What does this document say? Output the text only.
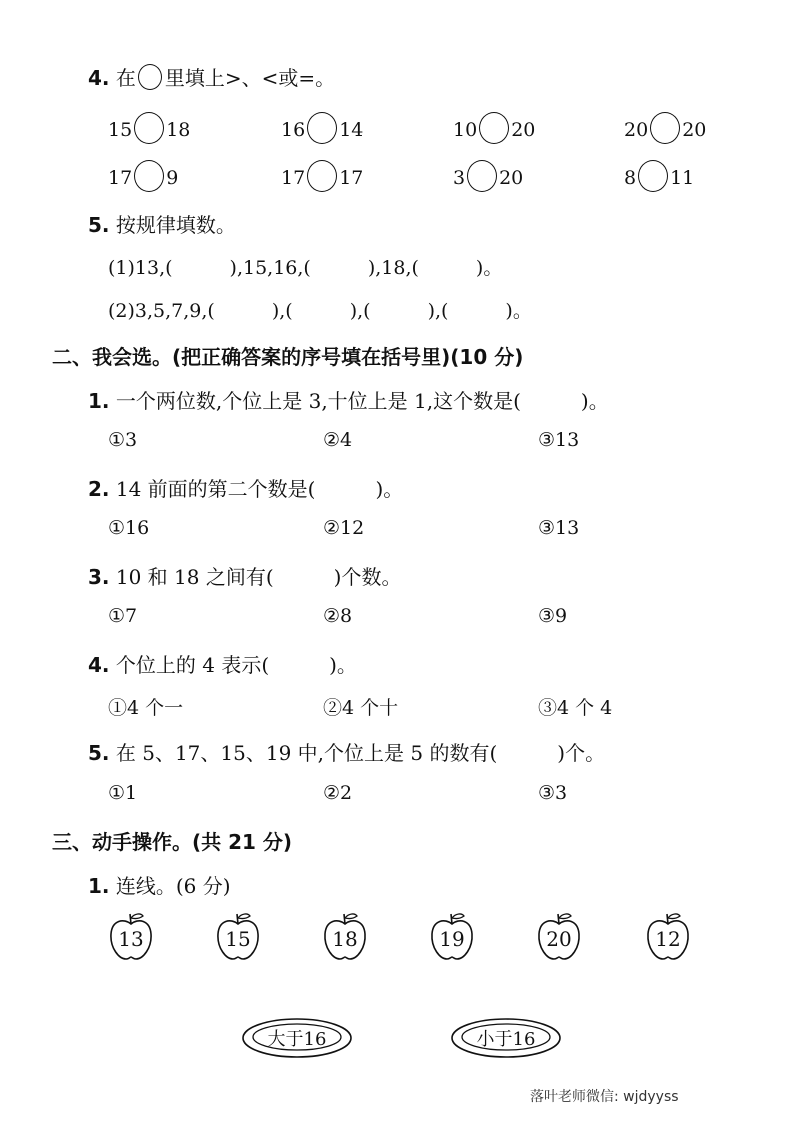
4. 在 里填上>、<或=。
15 18	16 14	10 20	20 20
17 9	17 17	3 20	8 11
5. 按规律填数。
(1)13,(　　　),15,16,(　　　),18,(　　　)。
(2)3,5,7,9,(　　　),(　　　),(　　　),(　　　)。
二、我会选。(把正确答案的序号填在括号里)(10 分)
1. 一个两位数,个位上是 3,十位上是 1,这个数是(　　　)。
①3	②4	③13
2. 14 前面的第二个数是(　　　)。
①16	②12	③13
3. 10 和 18 之间有(　　　)个数。
①7	②8	③9
4. 个位上的 4 表示(　　　)。
①4 个一	②4 个十	③4 个 4
5. 在 5、17、15、19 中,个位上是 5 的数有(　　　)个。
①1	②2	③3
三、动手操作。(共 21 分)
1. 连线。(6 分)
13	15	18	19	20	12
大于16	小于16
落叶老师微信: wjdyyss
